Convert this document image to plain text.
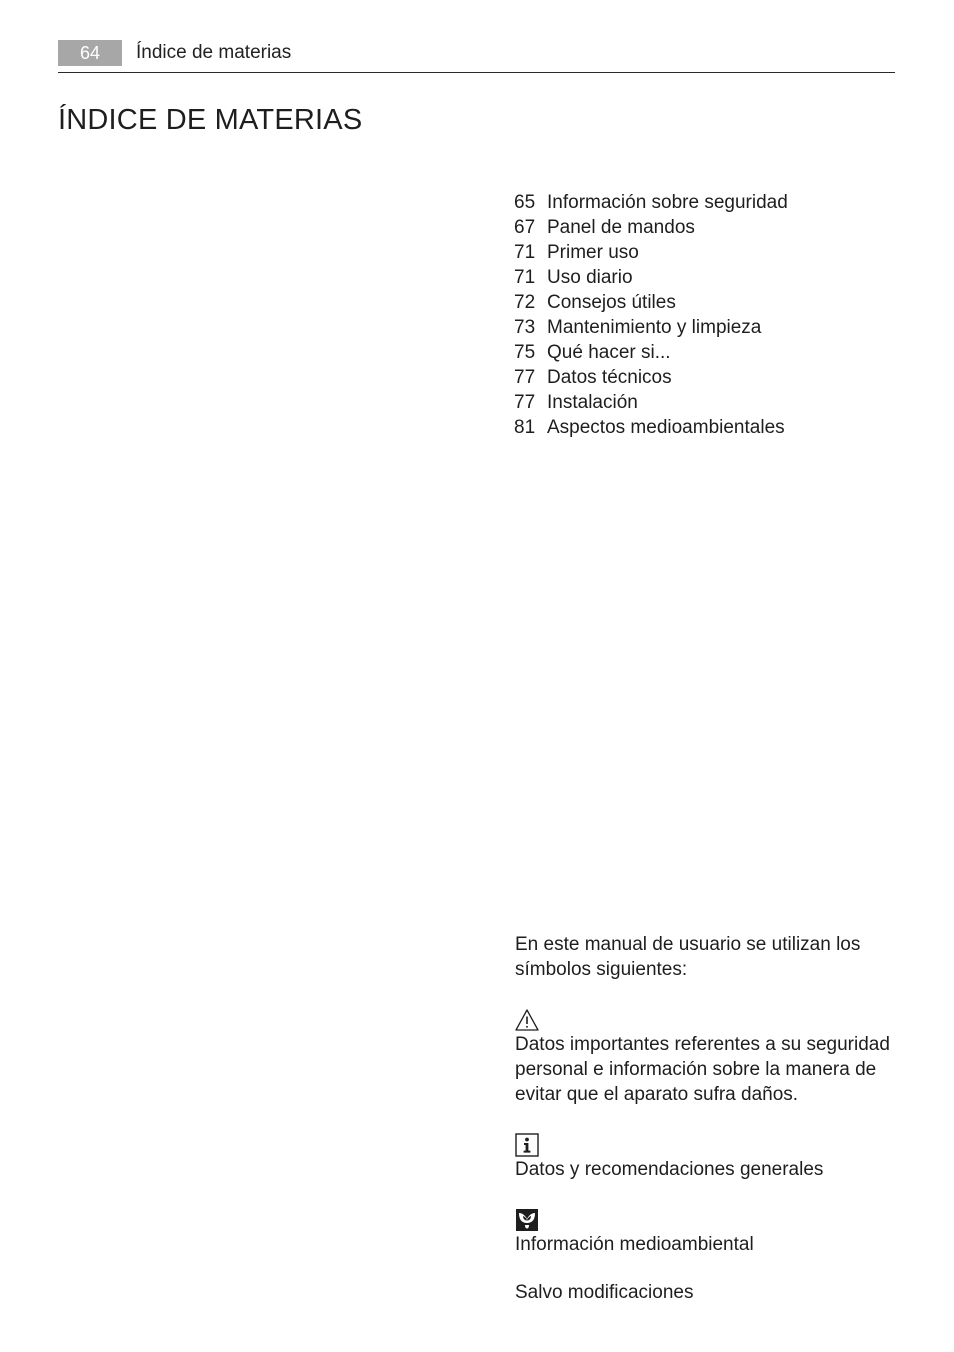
64	Índice de materias
ÍNDICE DE MATERIAS
65 Información sobre seguridad
67 Panel de mandos
71 Primer uso
71 Uso diario
72 Consejos útiles
73 Mantenimiento y limpieza
75 Qué hacer si...
77 Datos técnicos
77 Instalación
81 Aspectos medioambientales

En este manual de usuario se utilizan los símbolos siguientes:

Datos importantes referentes a su seguridad personal e información sobre la manera de evitar que el aparato sufra daños.

Datos y recomendaciones generales

Información medioambiental

Salvo modificaciones
